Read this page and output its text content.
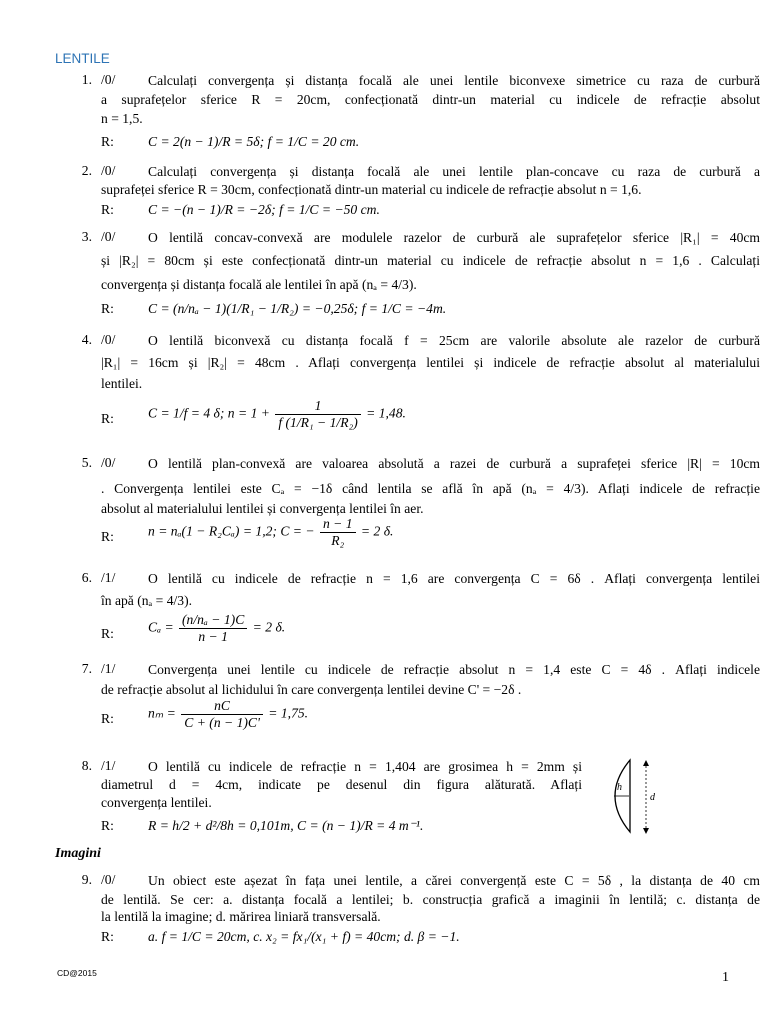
LENTILE
1. /0/ Calculați convergența și distanța focală ale unei lentile biconvexe simetrice cu raza de curbură
a suprafețelor sferice R = 20cm, confecționată dintr-un material cu indicele de refracție absolut
n = 1,5.
R:	C = 2(n − 1)/R = 5δ; f = 1/C = 20 cm.
2. /0/ Calculați convergența și distanța focală ale unei lentile plan-concave cu raza de curbură a
suprafeței sferice R = 30cm, confecționată dintr-un material cu indicele de refracție absolut n = 1,6.
R:	C = −(n − 1)/R = −2δ; f = 1/C = −50 cm.
3. /0/ O lentilă concav-convexă are modulele razelor de curbură ale suprafețelor sferice |R₁| = 40cm
și |R₂| = 80cm și este confecționată dintr-un material cu indicele de refracție absolut n = 1,6 . Calculați
convergența și distanța focală ale lentilei în apă (nₐ = 4/3).
R:	C = (n/nₐ − 1)(1/R₁ − 1/R₂) = −0,25δ; f = 1/C = −4m.
4. /0/ O lentilă biconvexă cu distanța focală f = 25cm are valorile absolute ale razelor de curbură
|R₁| = 16cm și |R₂| = 48cm . Aflați convergența lentilei și indicele de refracție absolut al materialului
lentilei.
R:	C = 1/f = 4 δ; $n = 1 + \frac{1}{\text{f (1/R₁ − 1/R₂)}} = 1,48$.
5. /0/ O lentilă plan-convexă are valoarea absolută a razei de curbură a suprafeței sferice |R| = 10cm
. Convergența lentilei este Cₐ = −1δ când lentila se află în apă (nₐ = 4/3). Aflați indicele de refracție
absolut al materialului lentilei și convergența lentilei în aer.
R:	n = nₐ(1 − R₂Cₐ) = 1,2; C = − $\frac{n - 1}{\text{R₂}} = 2$ δ.
6. /1/ O lentilă cu indicele de refracție n = 1,6 are convergența C = 6δ . Aflați convergența lentilei
în apă (nₐ = 4/3).
R:	$C_a = \frac{\text{(n/nₐ − 1)C}}{n - 1} = 2$ δ.
7. /1/ Convergența unei lentile cu indicele de refracție absolut n = 1,4 este C = 4δ . Aflați indicele
de refracție absolut al lichidului în care convergența lentilei devine C' = −2δ .
R:	$n_m = \frac{nC}{C + (n - 1)C'} = 1,75$.
8. /1/ O lentilă cu indicele de refracție n = 1,404 are grosimea h = 2mm și
diametrul d = 4cm, indicate pe desenul din figura alăturată. Aflați
convergența lentilei.
R:	R = h/2 + d²/8h = 0,101m, C = (n − 1)/R = 4 m⁻¹.
h
d
Imagini
9. /0/ Un obiect este așezat în fața unei lentile, a cărei convergență este C = 5δ , la distanța de 40 cm
de lentilă. Se cer: a. distanța focală a lentilei; b. construcția grafică a imaginii în lentilă; c. distanța de
la lentilă la imagine; d. mărirea liniară transversală.
R:	a. f = 1/C = 20cm, c. x₂ = fx₁/(x₁ + f) = 40cm; d. β = −1.
CD@2015	1
